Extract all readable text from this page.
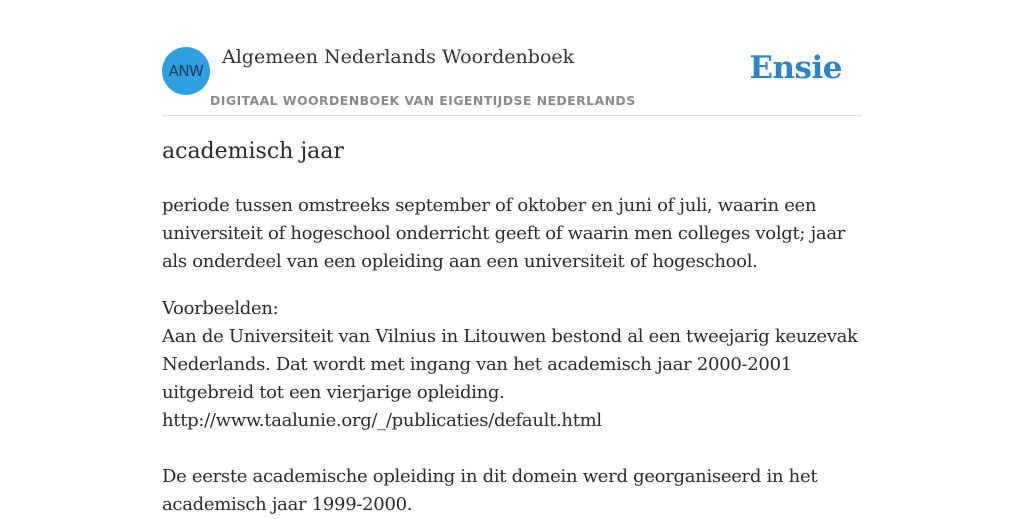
ANW
Algemeen Nederlands Woordenboek
DIGITAAL WOORDENBOEK VAN EIGENTIJDSE NEDERLANDS
Ensie
academisch jaar
periode tussen omstreeks september of oktober en juni of juli, waarin een universiteit of hogeschool onderricht geeft of waarin men colleges volgt; jaar als onderdeel van een opleiding aan een universiteit of hogeschool.
Voorbeelden:
Aan de Universiteit van Vilnius in Litouwen bestond al een tweejarig keuzevak Nederlands. Dat wordt met ingang van het academisch jaar 2000-2001 uitgebreid tot een vierjarige opleiding.
http://www.taalunie.org/_/publicaties/default.html
De eerste academische opleiding in dit domein werd georganiseerd in het academisch jaar 1999-2000.
